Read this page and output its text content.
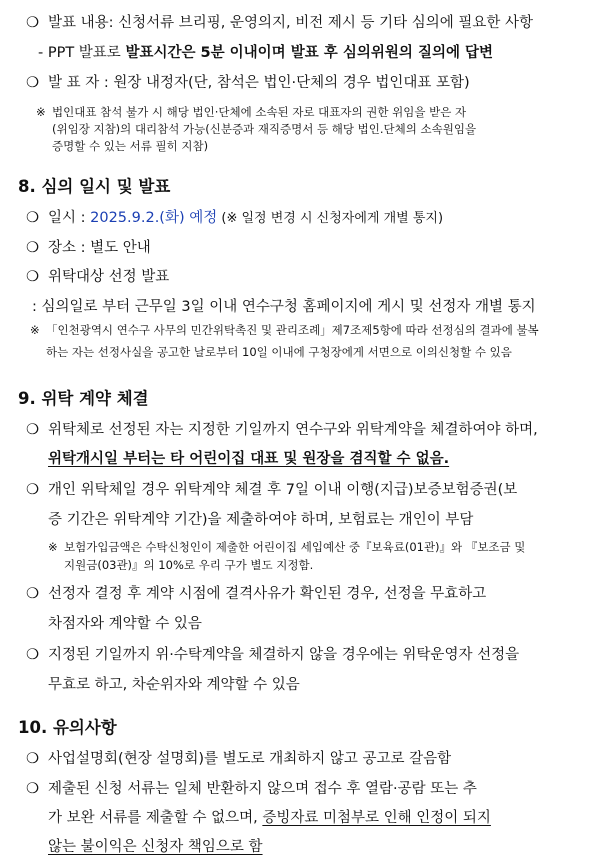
❍ 발표 내용: 신청서류 브리핑, 운영의지, 비전 제시 등 기타 심의에 필요한 사항
- PPT 발표로 발표시간은 5분 이내이며 발표 후 심의위원의 질의에 답변
❍ 발 표 자 : 원장 내정자(단, 참석은 법인·단체의 경우 법인대표 포함)
※ 법인대표 참석 불가 시 해당 법인·단체에 소속된 자로 대표자의 권한 위임을 받은 자
(위임장 지참)의 대리참석 가능(신분증과 재직증명서 등 해당 법인.단체의 소속원임을
증명할 수 있는 서류 필히 지참)
8. 심의 일시 및 발표
❍ 일시 : 2025.9.2.(화) 예정 (※ 일정 변경 시 신청자에게 개별 통지)
❍ 장소 : 별도 안내
❍ 위탁대상 선정 발표
: 심의일로 부터 근무일 3일 이내 연수구청 홈페이지에 게시 및 선정자 개별 통지
※ 「인천광역시 연수구 사무의 민간위탁촉진 및 관리조례」제7조제5항에 따라 선정심의 결과에 불복
하는 자는 선정사실을 공고한 날로부터 10일 이내에 구청장에게 서면으로 이의신청할 수 있음
9. 위탁 계약 체결
❍ 위탁체로 선정된 자는 지정한 기일까지 연수구와 위탁계약을 체결하여야 하며,
위탁개시일 부터는 타 어린이집 대표 및 원장을 겸직할 수 없음.
❍ 개인 위탁체일 경우 위탁계약 체결 후 7일 이내 이행(지급)보증보험증권(보
증 기간은 위탁계약 기간)을 제출하여야 하며, 보험료는 개인이 부담
※ 보험가입금액은 수탁신청인이 제출한 어린이집 세입예산 중『보육료(01관)』와 『보조금 및
지원금(03관)』의 10%로 우리 구가 별도 지정함.
❍ 선정자 결정 후 계약 시점에 결격사유가 확인된 경우, 선정을 무효하고
차점자와 계약할 수 있음
❍ 지정된 기일까지 위·수탁계약을 체결하지 않을 경우에는 위탁운영자 선정을
무효로 하고, 차순위자와 계약할 수 있음
10. 유의사항
❍ 사업설명회(현장 설명회)를 별도로 개최하지 않고 공고로 갈음함
❍ 제출된 신청 서류는 일체 반환하지 않으며 접수 후 열람·공람 또는 추
가 보완 서류를 제출할 수 없으며, 증빙자료 미첨부로 인해 인정이 되지
않는 불이익은 신청자 책임으로 함
